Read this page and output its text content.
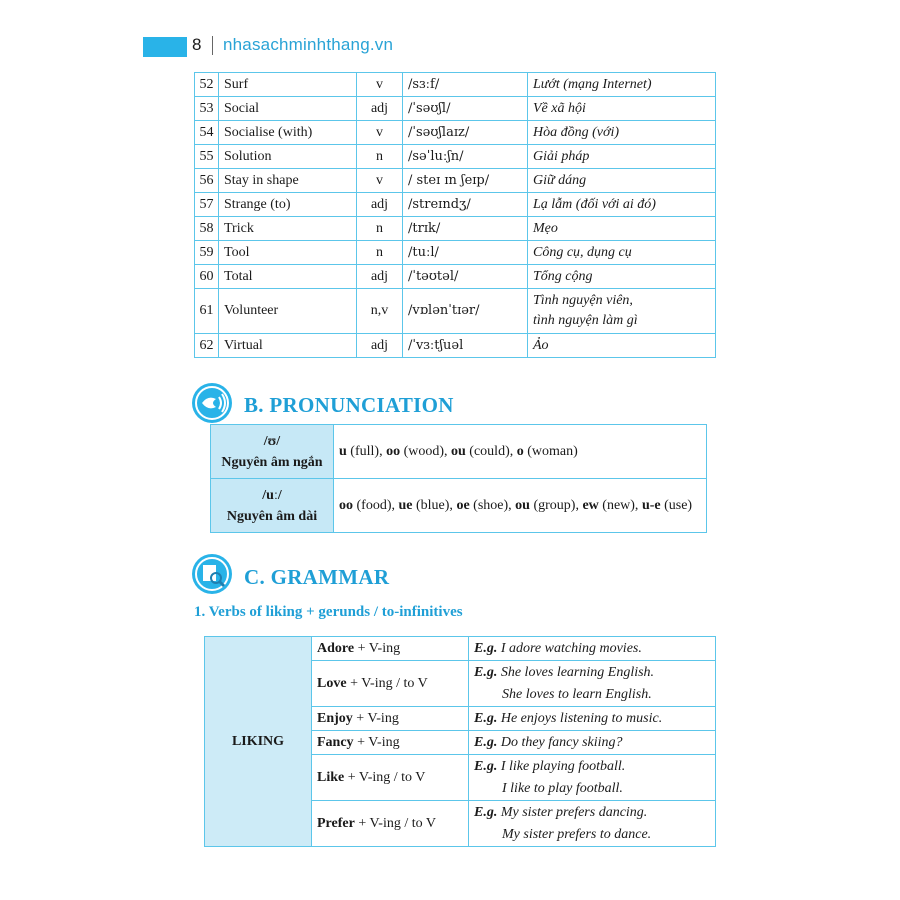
8 nhasachminhthang.vn
52	Surf	v	/sɜːf/	Lướt (mạng Internet)
53	Social	adj	/ˈsəʊʃl/	Về xã hội
54	Socialise (with)	v	/ˈsəʊʃlaɪz/	Hòa đồng (với)
55	Solution	n	/səˈluːʃn/	Giải pháp
56	Stay in shape	v	/ steɪ ɪn ʃeɪp/	Giữ dáng
57	Strange (to)	adj	/streɪndʒ/	Lạ lẫm (đối với ai đó)
58	Trick	n	/trɪk/	Mẹo
59	Tool	n	/tuːl/	Công cụ, dụng cụ
60	Total	adj	/ˈtəʊtəl/	Tổng cộng
61	Volunteer	n,v	/vɒlənˈtɪər/	Tình nguyện viên,
tình nguyện làm gì
62	Virtual	adj	/ˈvɜːtʃuəl	Ảo
B. PRONUNCIATION
/ʊ/
Nguyên âm ngắn	u (full), oo (wood), ou (could), o (woman)
/uː/
Nguyên âm dài	oo (food), ue (blue), oe (shoe), ou (group), ew (new), u-e (use)
C. GRAMMAR
1. Verbs of liking + gerunds / to-infinitives
LIKING	Adore + V-ing	E.g. I adore watching movies.
	Love + V-ing / to V	E.g. She loves learning English.
She loves to learn English.

	Enjoy + V-ing	E.g. He enjoys listening to music.
	Fancy + V-ing	E.g. Do they fancy skiing?
	Like + V-ing / to V	E.g. I like playing football.
I like to play football.

	Prefer + V-ing / to V	E.g. My sister prefers dancing.
My sister prefers to dance.
